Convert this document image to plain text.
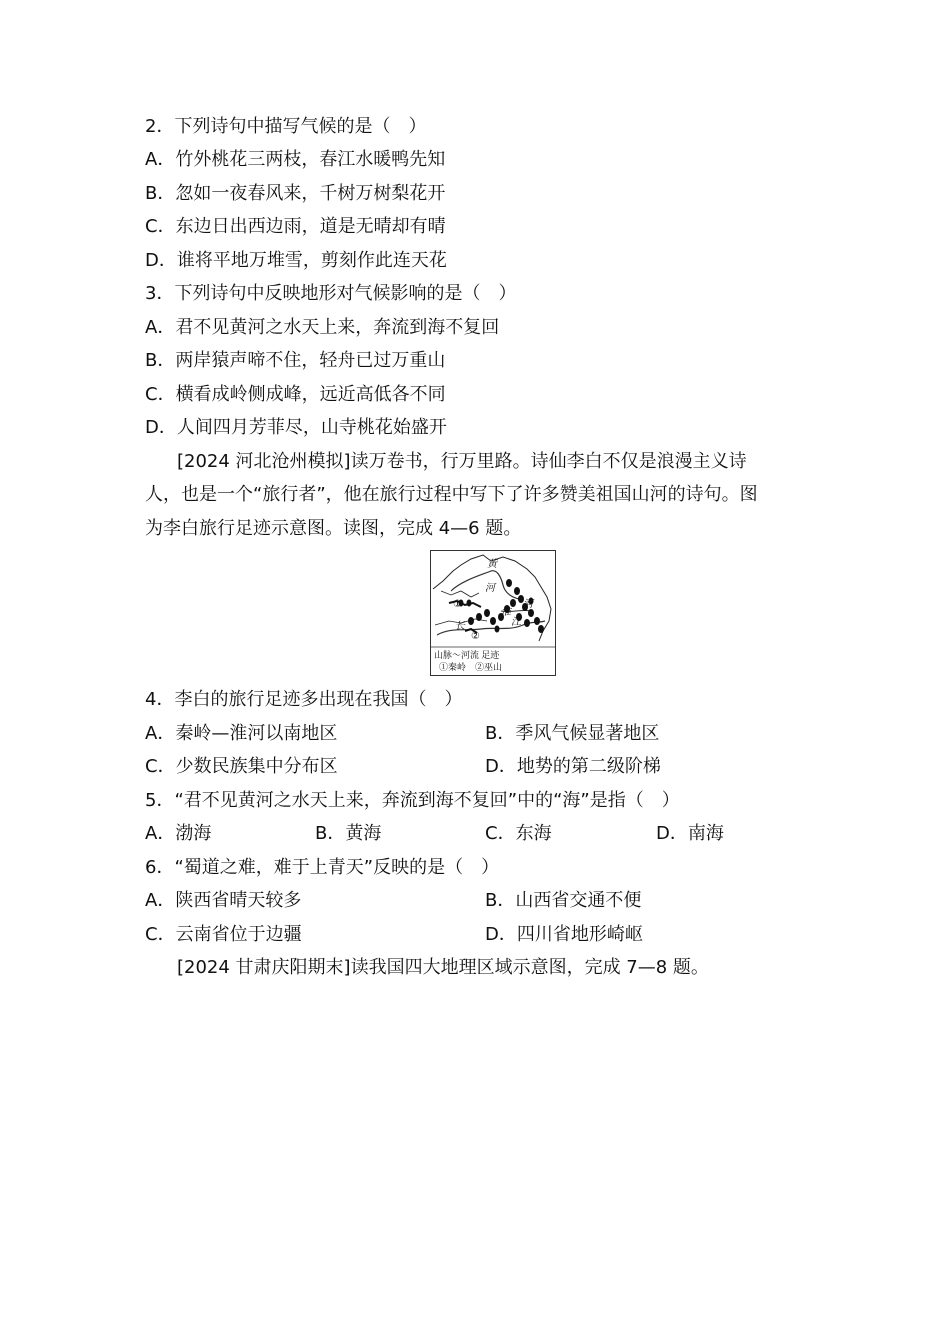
2．下列诗句中描写气候的是（　）
A．竹外桃花三两枝，春江水暖鸭先知
B．忽如一夜春风来，千树万树梨花开
C．东边日出西边雨，道是无晴却有晴
D．谁将平地万堆雪，剪刻作此连天花
3．下列诗句中反映地形对气候影响的是（　）
A．君不见黄河之水天上来，奔流到海不复回
B．两岸猿声啼不住，轻舟已过万重山
C．横看成岭侧成峰，远近高低各不同
D．人间四月芳菲尽，山寺桃花始盛开
[2024 河北沧州模拟]读万卷书，行万里路。诗仙李白不仅是浪漫主义诗
人，也是一个“旅行者”，他在旅行过程中写下了许多赞美祖国山河的诗句。图
为李白旅行足迹示意图。读图，完成 4—6 题。
黄
河
河
淮
长	江
①
②
山脉～河流 足迹
①秦岭　②巫山
4．李白的旅行足迹多出现在我国（　）
A．秦岭—淮河以南地区	B．季风气候显著地区
C．少数民族集中分布区	D．地势的第二级阶梯
5．“君不见黄河之水天上来，奔流到海不复回”中的“海”是指（　）
A．渤海	B．黄海	C．东海	D．南海
6．“蜀道之难，难于上青天”反映的是（　）
A．陕西省晴天较多	B．山西省交通不便
C．云南省位于边疆	D．四川省地形崎岖
[2024 甘肃庆阳期末]读我国四大地理区域示意图，完成 7—8 题。
